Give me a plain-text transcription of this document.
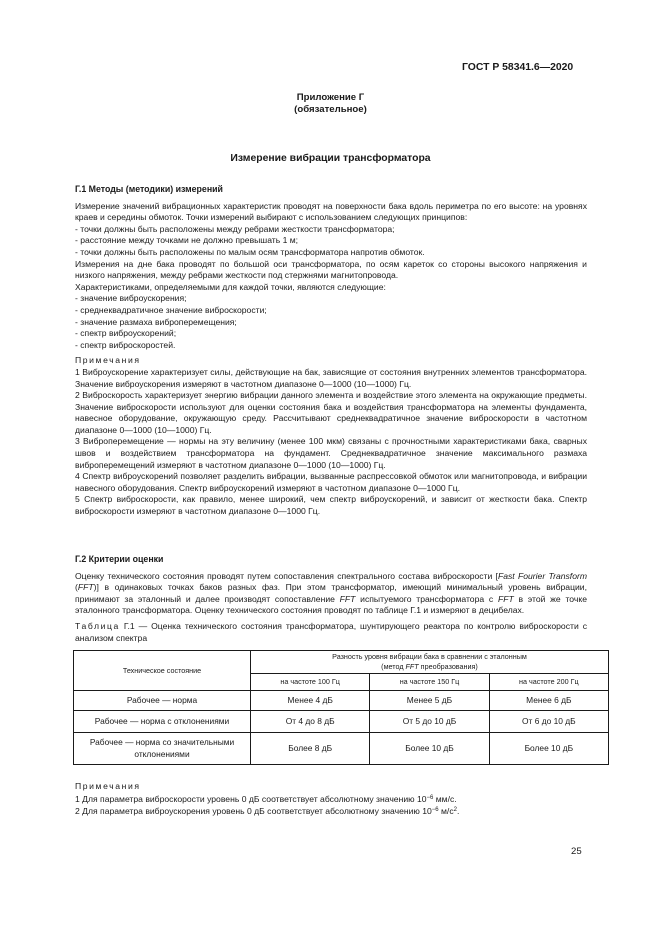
ГОСТ Р 58341.6—2020
Приложение Г
(обязательное)
Измерение вибрации трансформатора
Г.1 Методы (методики) измерений

Измерение значений вибрационных характеристик проводят на поверхности бака вдоль периметра по его высоте: на уровнях краев и середины обмоток. Точки измерений выбирают с использованием следующих принципов:

- точки должны быть расположены между ребрами жесткости трансформатора;

- расстояние между точками не должно превышать 1 м;

- точки должны быть расположены по малым осям трансформатора напротив обмоток.

Измерения на дне бака проводят по большой оси трансформатора, по осям кареток со стороны высокого напряжения и низкого напряжения, между ребрами жесткости под стержнями магнитопровода.

Характеристиками, определяемыми для каждой точки, являются следующие:

- значение виброускорения;

- среднеквадратичное значение виброскорости;

- значение размаха виброперемещения;

- спектр виброускорений;

- спектр виброскоростей.

Примечания

1 Виброускорение характеризует силы, действующие на бак, зависящие от состояния внутренних элементов трансформатора. Значение виброускорения измеряют в частотном диапазоне 0—1000 (10—1000) Гц.

2 Виброскорость характеризует энергию вибрации данного элемента и воздействие этого элемента на окружающие предметы. Значение виброскорости используют для оценки состояния бака и воздействия трансформатора на элементы фундамента, навесное оборудование, окружающую среду. Рассчитывают среднеквадратичное значение виброскорости в частотном диапазоне 0—1000 (10—1000) Гц.

3 Виброперемещение — нормы на эту величину (менее 100 мкм) связаны с прочностными характеристиками бака, сварных швов и воздействием трансформатора на фундамент. Среднеквадратичное значение максимального размаха виброперемещений измеряют в частотном диапазоне 0—1000 (10—1000) Гц.

4 Спектр виброускорений позволяет разделить вибрации, вызванные распрессовкой обмоток или магнитопровода, и вибрации навесного оборудования. Спектр виброускорений измеряют в частотном диапазоне 0—1000 Гц.

5 Спектр виброскорости, как правило, менее широкий, чем спектр виброускорений, и зависит от жесткости бака. Спектр виброскорости измеряют в частотном диапазоне 0—1000 Гц.

Г.2 Критерии оценки

Оценку технического состояния проводят путем сопоставления спектрального состава виброскорости [Fast Fourier Transform (FFT)] в одинаковых точках баков разных фаз. При этом трансформатор, имеющий минимальный уровень вибрации, принимают за эталонный и далее производят сопоставление FFT испытуемого трансформатора с FFT в этой же точке эталонного трансформатора. Оценку технического состояния проводят по таблице Г.1 и измеряют в децибелах.

Таблица Г.1 — Оценка технического состояния трансформатора, шунтирующего реактора по контролю виброскорости с анализом спектра

Техническое состояние	Разность уровня вибрации бака в сравнении с эталонным
(метод FFT преобразования)		

	на частоте 100 Гц	на частоте 150 Гц	на частоте 200 Гц
Рабочее — норма	Менее 4 дБ	Менее 5 дБ	Менее 6 дБ
Рабочее — норма с отклонениями	От 4 до 8 дБ	От 5 до 10 дБ	От 6 до 10 дБ
Рабочее — норма со значительными отклонениями	Более 8 дБ	Более 10 дБ	Более 10 дБ

Примечания

1 Для параметра виброскорости уровень 0 дБ соответствует абсолютному значению $10^{-6}$ мм/с.

2 Для параметра виброускорения уровень 0 дБ соответствует абсолютному значению $10^{-6}$ $м/с^2$.

25
